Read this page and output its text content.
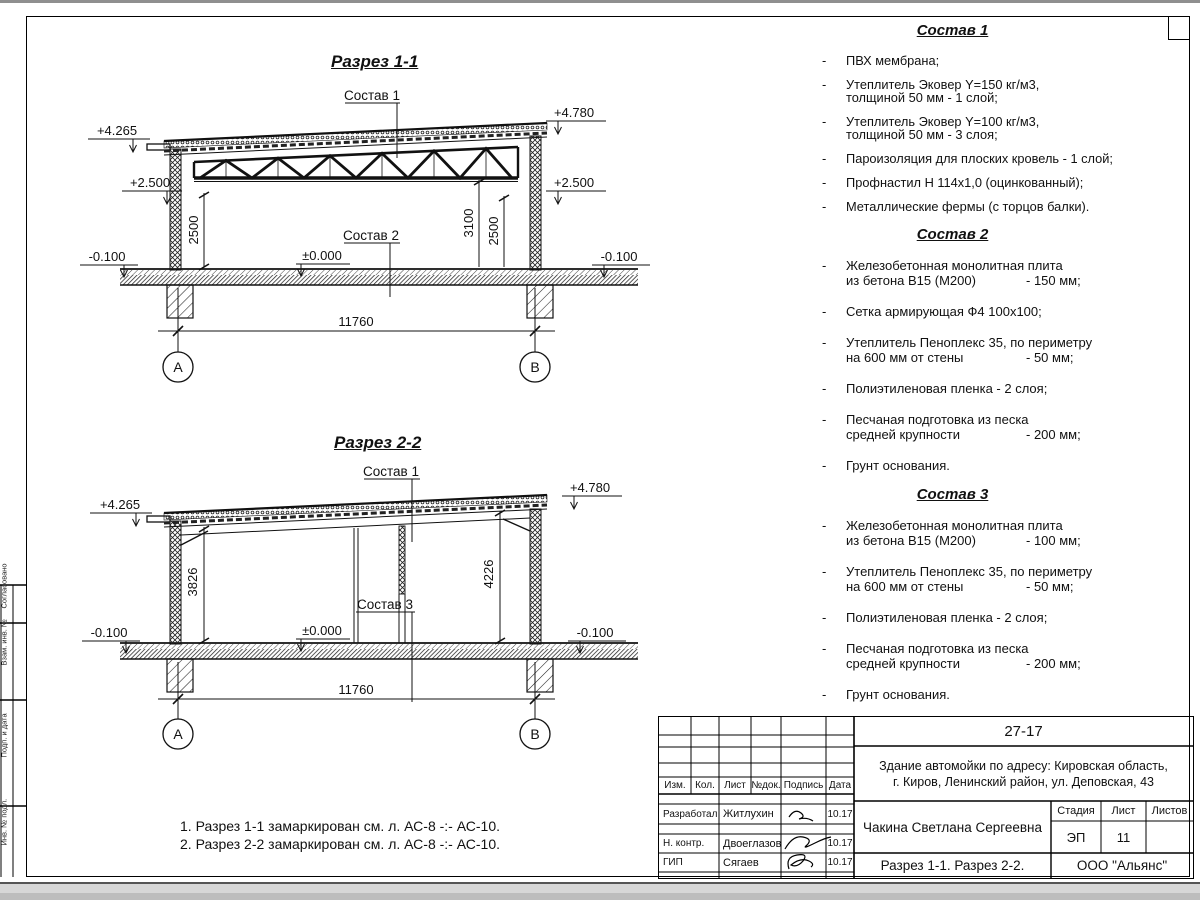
Согласовано
Взам. инв. №
Подп. и дата
Инв. № подл.
Разрез 1-1
Разрез 2-2
Состав 1
Состав 2
+4.265
+2.500
-0.100	±0.000
+4.780
+2.500
-0.100
11760
2500	3100 2500
А	В
Состав 1
Состав 3
+4.265
+4.780
-0.100	±0.000	-0.100
11760
3826	4226
А	В
Состав 1
-	ПВХ мембрана;
-	Утеплитель Эковер Y=150 кг/м3,
толщиной 50 мм - 1 слой;
-	Утеплитель Эковер Y=100 кг/м3,
толщиной 50 мм - 3 слоя;
-	Пароизоляция для плоских кровель - 1 слой;
-	Профнастил Н 114х1,0 (оцинкованный);
-	Металлические фермы (с торцов балки).
Состав 2
-	Железобетонная монолитная плита
из бетона В15 (М200)	- 150 мм;
-	Сетка армирующая Ф4 100х100;
-	Утеплитель Пеноплекс 35, по периметру
на 600 мм от стены	- 50 мм;
-	Полиэтиленовая пленка - 2 слоя;
-	Песчаная подготовка из песка
средней крупности	- 200 мм;
-	Грунт основания.
Состав 3
-	Железобетонная монолитная плита
из бетона В15 (М200)	- 100 мм;
-	Утеплитель Пеноплекс 35, по периметру
на 600 мм от стены	- 50 мм;
-	Полиэтиленовая пленка - 2 слоя;
-	Песчаная подготовка из песка
средней крупности	- 200 мм;
-	Грунт основания.
1. Разрез 1-1 замаркирован см. л. АС-8 -:- АС-10.
2. Разрез 2-2 замаркирован см. л. АС-8 -:- АС-10.
27-17
Здание автомойки по адресу: Кировская область,
г. Киров, Ленинский район, ул. Деповская, 43
Изм. Кол. Лист №док. Подпись Дата
Разработал Житлухин	10.17
Н. контр.	Двоеглазов	10.17
ГИП	Сягаев	10.17
Чакина Светлана Сергеевна
Стадия	Лист	Листов
ЭП	11
Разрез 1-1. Разрез 2-2.	ООО "Альянс"
